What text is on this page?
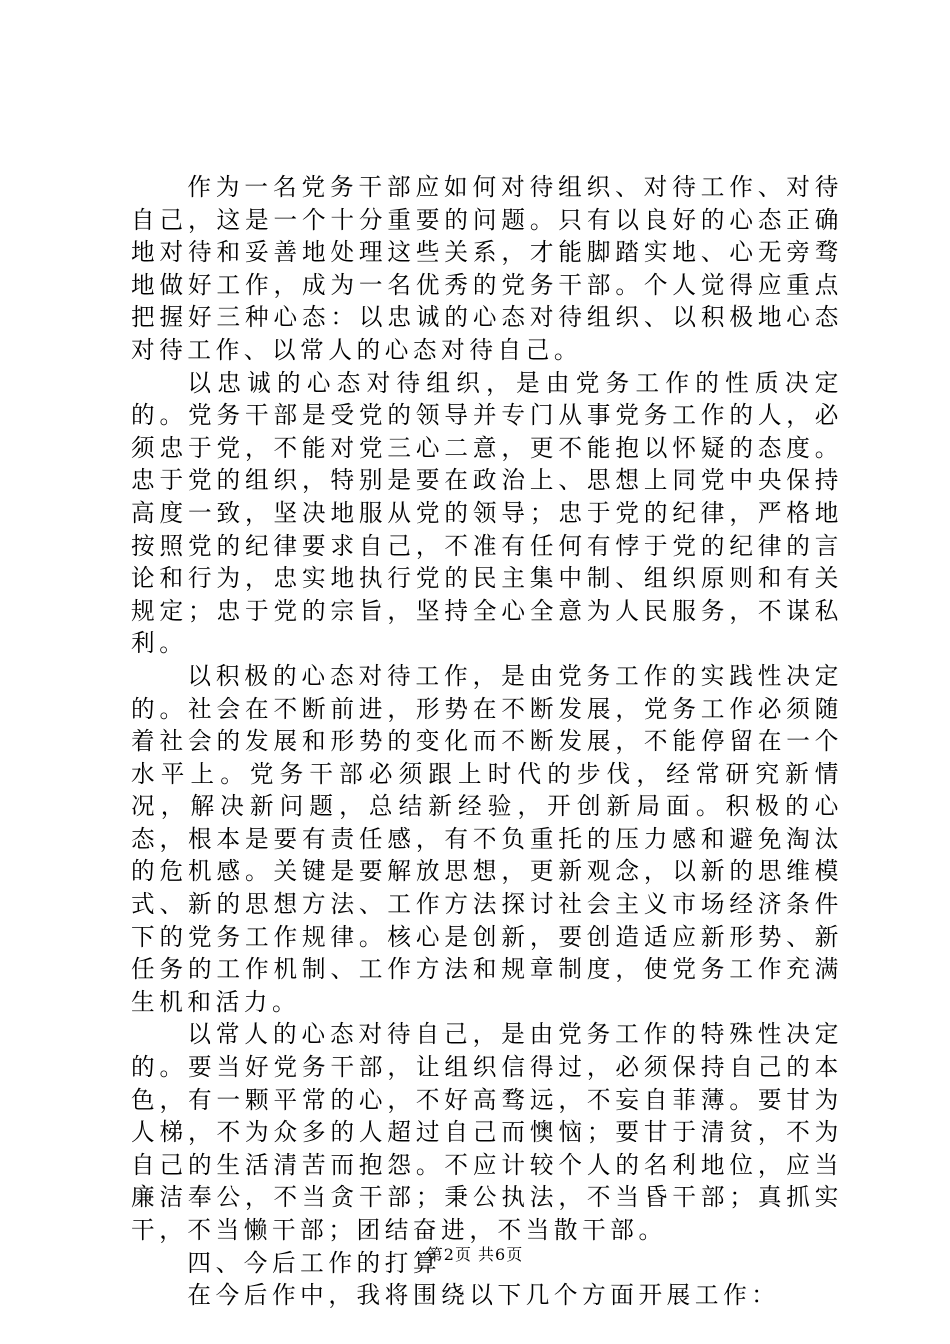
作为一名党务干部应如何对待组织、对待工作、对待自己，这是一个十分重要的问题。只有以良好的心态正确地对待和妥善地处理这些关系，才能脚踏实地、心无旁骛地做好工作，成为一名优秀的党务干部。个人觉得应重点把握好三种心态：以忠诚的心态对待组织、以积极地心态对待工作、以常人的心态对待自己。

以忠诚的心态对待组织，是由党务工作的性质决定的。党务干部是受党的领导并专门从事党务工作的人，必须忠于党，不能对党三心二意，更不能抱以怀疑的态度。忠于党的组织，特别是要在政治上、思想上同党中央保持高度一致，坚决地服从党的领导；忠于党的纪律，严格地按照党的纪律要求自己，不准有任何有悖于党的纪律的言论和行为，忠实地执行党的民主集中制、组织原则和有关规定；忠于党的宗旨，坚持全心全意为人民服务，不谋私利。

以积极的心态对待工作，是由党务工作的实践性决定的。社会在不断前进，形势在不断发展，党务工作必须随着社会的发展和形势的变化而不断发展，不能停留在一个水平上。党务干部必须跟上时代的步伐，经常研究新情况，解决新问题，总结新经验，开创新局面。积极的心态，根本是要有责任感，有不负重托的压力感和避免淘汰的危机感。关键是要解放思想，更新观念，以新的思维模式、新的思想方法、工作方法探讨社会主义市场经济条件下的党务工作规律。核心是创新，要创造适应新形势、新任务的工作机制、工作方法和规章制度，使党务工作充满生机和活力。

以常人的心态对待自己，是由党务工作的特殊性决定的。要当好党务干部，让组织信得过，必须保持自己的本色，有一颗平常的心，不好高骛远，不妄自菲薄。要甘为人梯，不为众多的人超过自己而懊恼；要甘于清贫，不为自己的生活清苦而抱怨。不应计较个人的名利地位，应当廉洁奉公，不当贪干部；秉公执法，不当昏干部；真抓实干，不当懒干部；团结奋进，不当散干部。

四、今后工作的打算

在今后作中，我将围绕以下几个方面开展工作：

第2页 共6页
